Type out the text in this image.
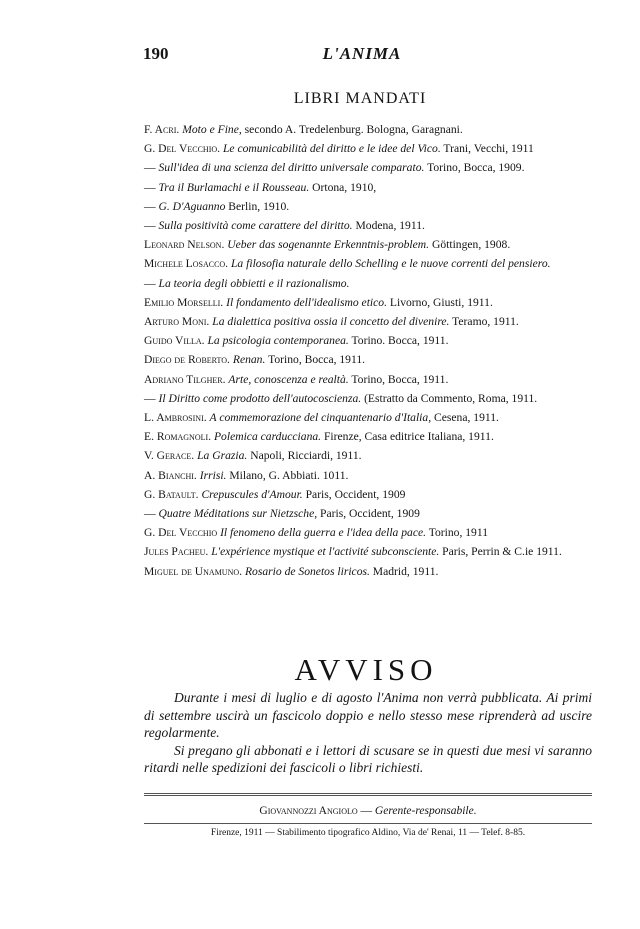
190	L'ANIMA
LIBRI MANDATI
F. Acri. Moto e Fine, secondo A. Tredelenburg. Bologna, Garagnani.
G. Del Vecchio. Le comunicabilità del diritto e le idee del Vico. Trani, Vecchi, 1911
— Sull'idea di una scienza del diritto universale comparato. Torino, Bocca, 1909.
— Tra il Burlamachi e il Rousseau. Ortona, 1910,
— G. D'Aguanno Berlin, 1910.
— Sulla positività come carattere del diritto. Modena, 1911.
Leonard Nelson. Ueber das sogenannte Erkenntnis-problem. Göttingen, 1908.
Michele Losacco. La filosofia naturale dello Schelling e le nuove correnti del pensiero.
— La teoria degli obbietti e il razionalismo.
Emilio Morselli. Il fondamento dell'idealismo etico. Livorno, Giusti, 1911.
Arturo Moni. La dialettica positiva ossia il concetto del divenire. Teramo, 1911.
Guido Villa. La psicologia contemporanea. Torino. Bocca, 1911.
Diego de Roberto. Renan. Torino, Bocca, 1911.
Adriano Tilgher. Arte, conoscenza e realtà. Torino, Bocca, 1911.
— Il Diritto come prodotto dell'autocoscienza. (Estratto da Commento, Roma, 1911.
L. Ambrosini. A commemorazione del cinquantenario d'Italia, Cesena, 1911.
E. Romagnoli. Polemica carducciana. Firenze, Casa editrice Italiana, 1911.
V. Gerace. La Grazia. Napoli, Ricciardi, 1911.
A. Bianchi. Irrisi. Milano, G. Abbiati. 1011.
G. Batault. Crepuscules d'Amour. Paris, Occident, 1909
— Quatre Méditations sur Nietzsche, Paris, Occident, 1909
G. Del Vecchio Il fenomeno della guerra e l'idea della pace. Torino, 1911
Jules Pacheu. L'expérience mystique et l'activité subconsciente. Paris, Perrin & C.ie 1911.
Miguel de Unamuno. Rosario de Sonetos liricos. Madrid, 1911.
AVVISO

Durante i mesi di luglio e di agosto l'Anima non verrà pubblicata. Ai primi di settembre uscirà un fascicolo doppio e nello stesso mese riprenderà ad uscire regolarmente.

Si pregano gli abbonati e i lettori di scusare se in questi due mesi vi saranno ritardi nelle spedizioni dei fascicoli o libri richiesti.

Giovannozzi Angiolo — Gerente-responsabile.
Firenze, 1911 — Stabilimento tipografico Aldino, Via de' Renai, 11 — Telef. 8-85.
